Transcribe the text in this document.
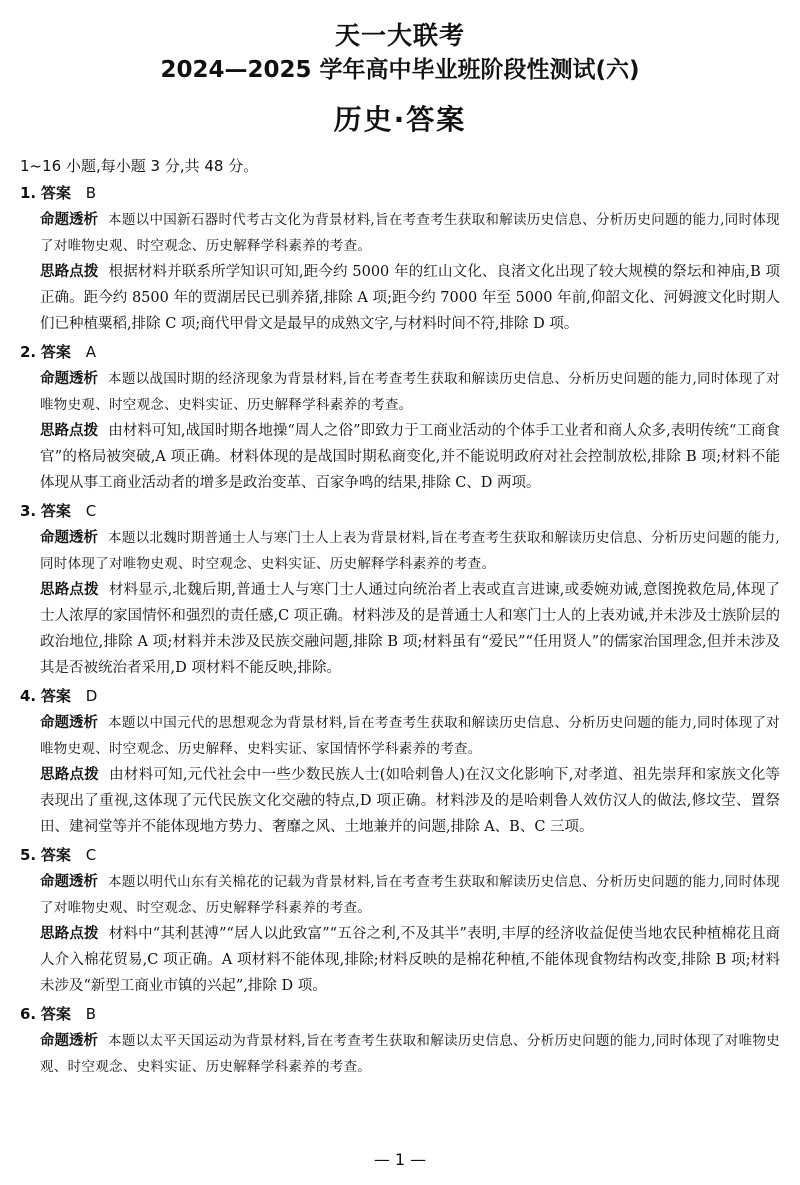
天一大联考
2024—2025 学年高中毕业班阶段性测试(六)
历史·答案
1~16 小题,每小题 3 分,共 48 分。
1. 答案 B

命题透析 本题以中国新石器时代考古文化为背景材料,旨在考查考生获取和解读历史信息、分析历史问题的能力,同时体现了对唯物史观、时空观念、历史解释学科素养的考查。

思路点拨 根据材料并联系所学知识可知,距今约 5000 年的红山文化、良渚文化出现了较大规模的祭坛和神庙,B 项正确。距今约 8500 年的贾湖居民已驯养猪,排除 A 项;距今约 7000 年至 5000 年前,仰韶文化、河姆渡文化时期人们已种植粟稻,排除 C 项;商代甲骨文是最早的成熟文字,与材料时间不符,排除 D 项。

2. 答案 A

命题透析 本题以战国时期的经济现象为背景材料,旨在考查考生获取和解读历史信息、分析历史问题的能力,同时体现了对唯物史观、时空观念、史料实证、历史解释学科素养的考查。

思路点拨 由材料可知,战国时期各地操“周人之俗”即致力于工商业活动的个体手工业者和商人众多,表明传统“工商食官”的格局被突破,A 项正确。材料体现的是战国时期私商变化,并不能说明政府对社会控制放松,排除 B 项;材料不能体现从事工商业活动者的增多是政治变革、百家争鸣的结果,排除 C、D 两项。

3. 答案 C

命题透析 本题以北魏时期普通士人与寒门士人上表为背景材料,旨在考查考生获取和解读历史信息、分析历史问题的能力,同时体现了对唯物史观、时空观念、史料实证、历史解释学科素养的考查。

思路点拨 材料显示,北魏后期,普通士人与寒门士人通过向统治者上表或直言进谏,或委婉劝诫,意图挽救危局,体现了士人浓厚的家国情怀和强烈的责任感,C 项正确。材料涉及的是普通士人和寒门士人的上表劝诫,并未涉及士族阶层的政治地位,排除 A 项;材料并未涉及民族交融问题,排除 B 项;材料虽有“爱民”“任用贤人”的儒家治国理念,但并未涉及其是否被统治者采用,D 项材料不能反映,排除。

4. 答案 D

命题透析 本题以中国元代的思想观念为背景材料,旨在考查考生获取和解读历史信息、分析历史问题的能力,同时体现了对唯物史观、时空观念、历史解释、史料实证、家国情怀学科素养的考查。

思路点拨 由材料可知,元代社会中一些少数民族人士(如哈剌鲁人)在汉文化影响下,对孝道、祖先崇拜和家族文化等表现出了重视,这体现了元代民族文化交融的特点,D 项正确。材料涉及的是哈剌鲁人效仿汉人的做法,修坟茔、置祭田、建祠堂等并不能体现地方势力、奢靡之风、土地兼并的问题,排除 A、B、C 三项。

5. 答案 C

命题透析 本题以明代山东有关棉花的记载为背景材料,旨在考查考生获取和解读历史信息、分析历史问题的能力,同时体现了对唯物史观、时空观念、历史解释学科素养的考查。

思路点拨 材料中“其利甚溥”“居人以此致富”“五谷之利,不及其半”表明,丰厚的经济收益促使当地农民种植棉花且商人介入棉花贸易,C 项正确。A 项材料不能体现,排除;材料反映的是棉花种植,不能体现食物结构改变,排除 B 项;材料未涉及“新型工商业市镇的兴起”,排除 D 项。

6. 答案 B

命题透析 本题以太平天国运动为背景材料,旨在考查考生获取和解读历史信息、分析历史问题的能力,同时体现了对唯物史观、时空观念、史料实证、历史解释学科素养的考查。

— 1 —
